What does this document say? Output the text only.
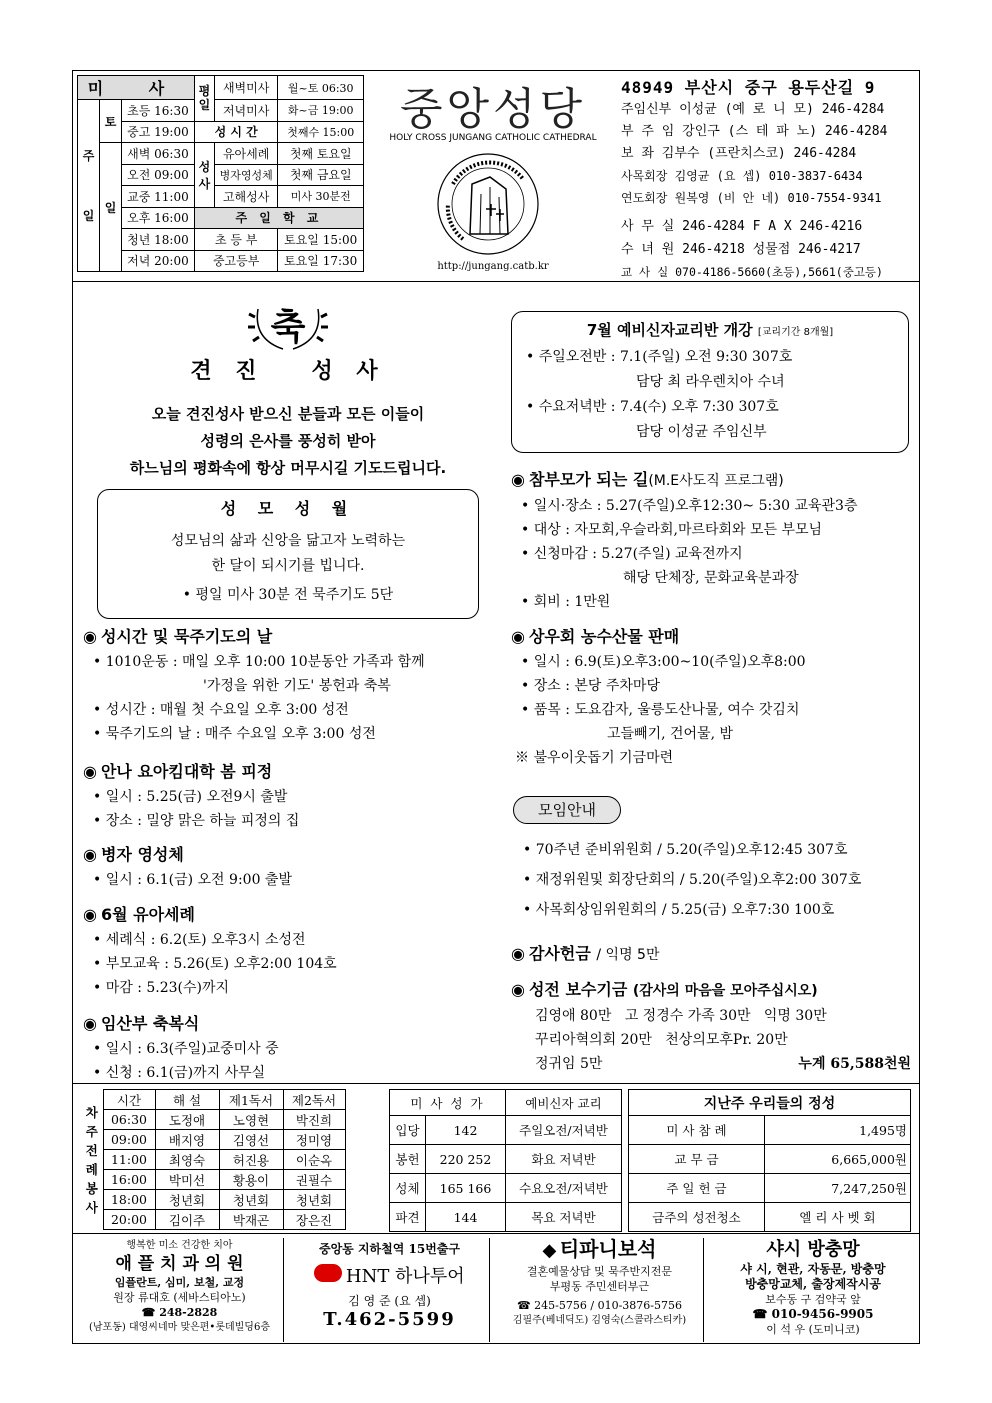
미 사			평일	새벽미사	월~토 06:30
주일	토	초등 16:30		저녁미사	화~금 19:00
		중고 19:00	성 시 간		첫째수 15:00
	일	새벽 06:30	성사	유아세례	첫째 토요일
		오전 09:00		병자영성체	첫째 금요일
		교중 11:00		고해성사	미사 30분전
		오후 16:00	주 일 학 교		
		청년 18:00	초 등 부		토요일 15:00
		저녁 20:00	중고등부		토요일 17:30
중앙성당
HOLY CROSS JUNGANG CATHOLIC CATHEDRAL
http://jungang.catb.kr
48949 부산시 중구 용두산길 9
주임신부 이성균 (예 로 니 모) 246-4284
부 주 임 강인구 (스 테 파 노) 246-4284
보 좌 김부수 (프란치스코) 246-4284
사목회장 김영균 (요 셉) 010-3837-6434
연도회장 원복영 (비 안 네) 010-7554-9341
사 무 실 246-4284 F A X 246-4216
수 녀 원 246-4218 성물점 246-4217
교 사 실 070-4186-5660(초등),5661(중고등)
축
견 진   성 사
오늘 견진성사 받으신 분들과 모든 이들이
성령의 은사를 풍성히 받아
하느님의 평화속에 항상 머무시길 기도드립니다.
성 모 성 월
성모님의 삶과 신앙을 닮고자 노력하는
한 달이 되시기를 빕니다.
• 평일 미사 30분 전 묵주기도 5단
7월 예비신자교리반 개강 [교리기간 8개월]
• 주일오전반 : 7.1(주일) 오전 9:30 307호
담당 최 라우렌치아 수녀
• 수요저녁반 : 7.4(수) 오후 7:30 307호
담당 이성균 주임신부
◉ 성시간 및 묵주기도의 날
• 1010운동 : 매일 오후 10:00 10분동안 가족과 함께
'가정을 위한 기도' 봉헌과 축복
• 성시간 : 매월 첫 수요일 오후 3:00 성전
• 묵주기도의 날 : 매주 수요일 오후 3:00 성전
◉ 안나 요아킴대학 봄 피정
• 일시 : 5.25(금) 오전9시 출발
• 장소 : 밀양 맑은 하늘 피정의 집
◉ 병자 영성체
• 일시 : 6.1(금) 오전 9:00 출발
◉ 6월 유아세례
• 세례식 : 6.2(토) 오후3시 소성전
• 부모교육 : 5.26(토) 오후2:00 104호
• 마감 : 5.23(수)까지
◉ 임산부 축복식
• 일시 : 6.3(주일)교중미사 중
• 신청 : 6.1(금)까지 사무실
◉ 참부모가 되는 길(M.E사도직 프로그램)
• 일시·장소 : 5.27(주일)오후12:30~ 5:30 교육관3층
• 대상 : 자모회,우슬라회,마르타회와 모든 부모님
• 신청마감 : 5.27(주일) 교육전까지
해당 단체장, 문화교육분과장
• 회비 : 1만원
◉ 상우회 농수산물 판매
• 일시 : 6.9(토)오후3:00~10(주일)오후8:00
• 장소 : 본당 주차마당
• 품목 : 도요감자, 울릉도산나물, 여수 갓김치
고들빼기, 건어물, 밤
※ 불우이웃돕기 기금마련
모임안내
• 70주년 준비위원회 / 5.20(주일)오후12:45 307호
• 재정위원및 회장단회의 / 5.20(주일)오후2:00 307호
• 사목회상임위원회의 / 5.25(금) 오후7:30 100호
◉ 감사헌금 / 익명 5만
◉ 성전 보수기금 (감사의 마음을 모아주십시오)
김영애 80만   고 정경수 가족 30만   익명 30만
꾸리아혁의회 20만   천상의모후Pr. 20만
정귀임 5만	누계 65,588천원
차주전례봉사	시간	해 설	제1독서	제2독서
	06:30	도정애	노영현	박진희
	09:00	배지영	김영선	정미영
	11:00	최영숙	허진용	이순옥
	16:00	박미선	황용이	권필수
	18:00	청년회	청년회	청년회
	20:00	김이주	박재곤	장은진
미 사 성 가		예비신자 교리
입당	142	주일오전/저녁반
봉헌	220 252	화요 저녁반
성체	165 166	수요오전/저녁반
파견	144	목요 저녁반
지난주 우리들의 정성	
미 사 참 례	1,495명
교 무 금	6,665,000원
주 일 헌 금	7,247,250원
금주의 성전청소	엘 리 사 벳 회
행복한 미소 건강한 치아
애 플 치 과 의 원
임플란트, 심미, 보철, 교정
원장 류대호 (세바스티아노)
☎ 248-2828
(남포동) 대영씨네마 맞은편•롯데빌딩6층
중앙동 지하철역 15번출구
HNT 하나투어
김 영 준 (요 셉)
T.462-5599
◆ 티파니보석
결혼예물상담 및 묵주반지전문
부평동 주민센터부근
☎ 245-5756 / 010-3876-5756
김필주(베네딕도) 김영숙(스콜라스티카)
샤시 방충망
샤 시, 현관, 자동문, 방충망
방충망교체, 출장제작시공
보수동 구 검약국 앞
☎ 010-9456-9905
이 석 우 (도미니코)
